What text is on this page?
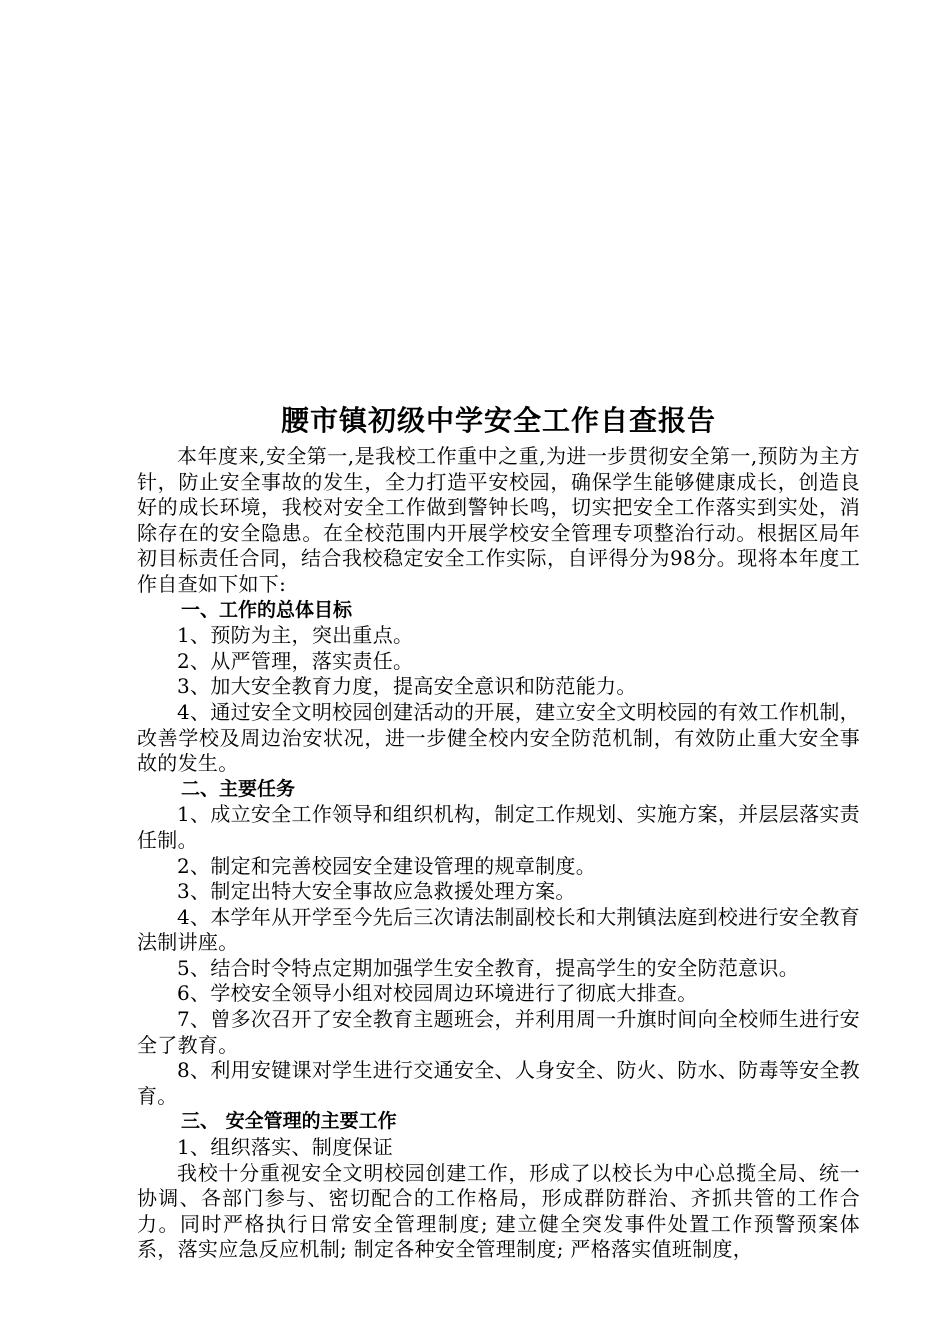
腰市镇初级中学安全工作自查报告

本年度来,安全第一,是我校工作重中之重,为进一步贯彻安全第一,预防为主方针，防止安全事故的发生，全力打造平安校园，确保学生能够健康成长，创造良好的成长环境，我校对安全工作做到警钟长鸣，切实把安全工作落实到实处，消除存在的安全隐患。在全校范围内开展学校安全管理专项整治行动。根据区局年初目标责任合同，结合我校稳定安全工作实际，自评得分为98分。现将本年度工作自查如下如下:

一、工作的总体目标

1、预防为主，突出重点。

2、从严管理，落实责任。

3、加大安全教育力度，提高安全意识和防范能力。

4、通过安全文明校园创建活动的开展，建立安全文明校园的有效工作机制，改善学校及周边治安状况，进一步健全校内安全防范机制，有效防止重大安全事故的发生。

二、主要任务

1、成立安全工作领导和组织机构，制定工作规划、实施方案，并层层落实责任制。

2、制定和完善校园安全建设管理的规章制度。

3、制定出特大安全事故应急救援处理方案。

4、本学年从开学至今先后三次请法制副校长和大荆镇法庭到校进行安全教育法制讲座。

5、结合时令特点定期加强学生安全教育，提高学生的安全防范意识。

6、学校安全领导小组对校园周边环境进行了彻底大排查。

7、曾多次召开了安全教育主题班会，并利用周一升旗时间向全校师生进行安全了教育。

8、利用安键课对学生进行交通安全、人身安全、防火、防水、防毒等安全教育。

三、 安全管理的主要工作

1、组织落实、制度保证

我校十分重视安全文明校园创建工作，形成了以校长为中心总揽全局、统一协调、各部门参与、密切配合的工作格局，形成群防群治、齐抓共管的工作合力。同时严格执行日常安全管理制度; 建立健全突发事件处置工作预警预案体系，落实应急反应机制; 制定各种安全管理制度; 严格落实值班制度，
